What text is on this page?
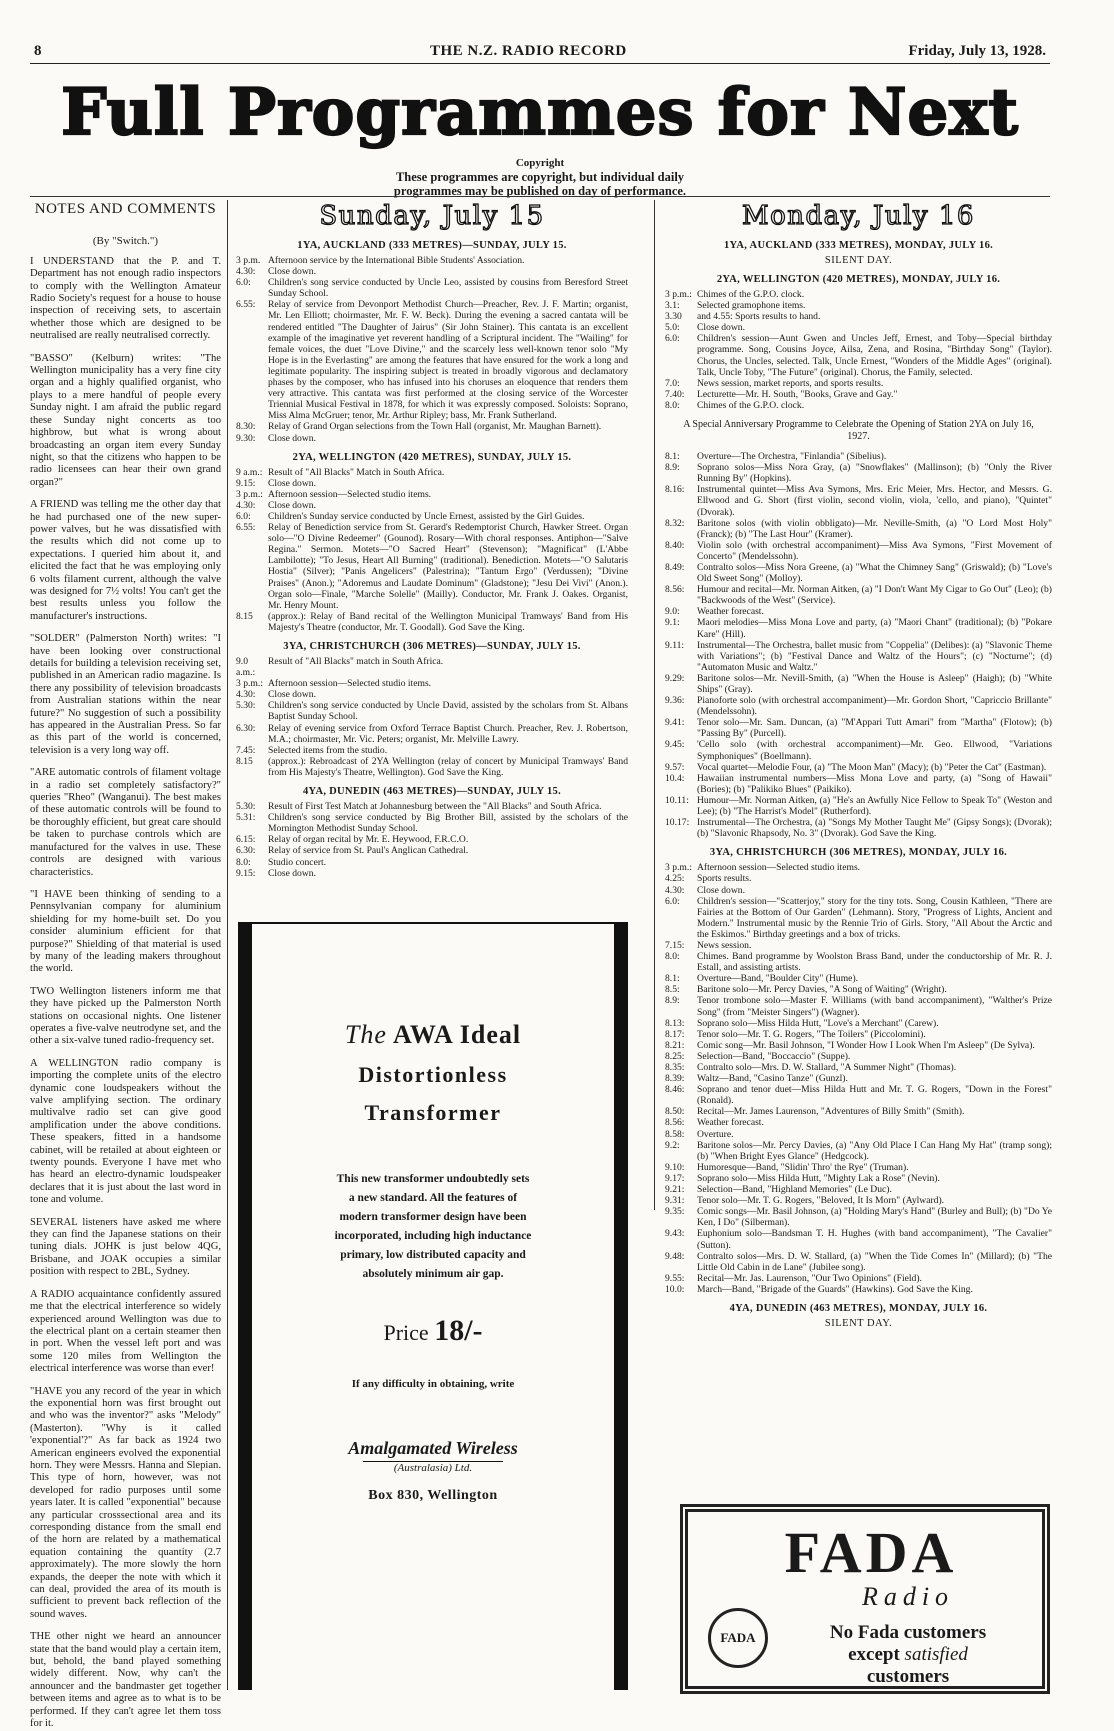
8	THE N.Z. RADIO RECORD	Friday, July 13, 1928.
Full Programmes for Next
Copyright
These programmes are copyright, but individual daily
programmes may be published on day of performance.
NOTES AND COMMENTS
(By "Switch.")

I UNDERSTAND that the P. and T. Department has not enough radio inspectors to comply with the Wellington Amateur Radio Society's request for a house to house inspection of receiving sets, to ascertain whether those which are designed to be neutralised are really neutralised correctly.

"BASSO" (Kelburn) writes: "The Wellington municipality has a very fine city organ and a highly qualified organist, who plays to a mere handful of people every Sunday night. I am afraid the public regard these Sunday night concerts as too highbrow, but what is wrong about broadcasting an organ item every Sunday night, so that the citizens who happen to be radio licensees can hear their own grand organ?"

A FRIEND was telling me the other day that he had purchased one of the new super-power valves, but he was dissatisfied with the results which did not come up to expectations. I queried him about it, and elicited the fact that he was employing only 6 volts filament current, although the valve was designed for 7½ volts! You can't get the best results unless you follow the manufacturer's instructions.

"SOLDER" (Palmerston North) writes: "I have been looking over constructional details for building a television receiving set, published in an American radio magazine. Is there any possibility of television broadcasts from Australian stations within the near future?" No suggestion of such a possibility has appeared in the Australian Press. So far as this part of the world is concerned, television is a very long way off.

"ARE automatic controls of filament voltage in a radio set completely satisfactory?" queries "Rheo" (Wanganui). The best makes of these automatic controls will be found to be thoroughly efficient, but great care should be taken to purchase controls which are manufactured for the valves in use. These controls are designed with various characteristics.

"I HAVE been thinking of sending to a Pennsylvanian company for aluminium shielding for my home-built set. Do you consider aluminium efficient for that purpose?" Shielding of that material is used by many of the leading makers throughout the world.

TWO Wellington listeners inform me that they have picked up the Palmerston North stations on occasional nights. One listener operates a five-valve neutrodyne set, and the other a six-valve tuned radio-frequency set.

A WELLINGTON radio company is importing the complete units of the electro dynamic cone loudspeakers without the valve amplifying section. The ordinary multivalve radio set can give good amplification under the above conditions. These speakers, fitted in a handsome cabinet, will be retailed at about eighteen or twenty pounds. Everyone I have met who has heard an electro-dynamic loudspeaker declares that it is just about the last word in tone and volume.

SEVERAL listeners have asked me where they can find the Japanese stations on their tuning dials. JOHK is just below 4QG, Brisbane, and JOAK occupies a similar position with respect to 2BL, Sydney.

A RADIO acquaintance confidently assured me that the electrical interference so widely experienced around Wellington was due to the electrical plant on a certain steamer then in port. When the vessel left port and was some 120 miles from Wellington the electrical interference was worse than ever!

"HAVE you any record of the year in which the exponential horn was first brought out and who was the inventor?" asks "Melody" (Masterton). "Why is it called 'exponential'?" As far back as 1924 two American engineers evolved the exponential horn. They were Messrs. Hanna and Slepian. This type of horn, however, was not developed for radio purposes until some years later. It is called "exponential" because any particular crosssectional area and its corresponding distance from the small end of the horn are related by a mathematical equation containing the quantity (2.7 approximately). The more slowly the horn expands, the deeper the note with which it can deal, provided the area of its mouth is sufficient to prevent back reflection of the sound waves.

THE other night we heard an announcer state that the band would play a certain item, but, behold, the band played something widely different. Now, why can't the announcer and the bandmaster get together between items and agree as to what is to be performed. If they can't agree let them toss for it.

Sunday, July 15
1YA, AUCKLAND (333 METRES)—SUNDAY, JULY 15.
3 p.m. Afternoon service by the International Bible Students' Association.
4.30:	Close down.
6.0:	Children's song service conducted by Uncle Leo, assisted by cousins from Beresford Street Sunday School.
6.55:	Relay of service from Devonport Methodist Church—Preacher, Rev. J. F. Martin; organist, Mr. Len Elliott; choirmaster, Mr. F. W. Beck). During the evening a sacred cantata will be rendered entitled "The Daughter of Jairus" (Sir John Stainer). This cantata is an excellent example of the imaginative yet reverent handling of a Scriptural incident. The "Wailing" for female voices, the duet "Love Divine," and the scarcely less well-known tenor solo "My Hope is in the Everlasting" are among the features that have ensured for the work a long and legitimate popularity. The inspiring subject is treated in broadly vigorous and declamatory phases by the composer, who has infused into his choruses an eloquence that renders them very attractive. This cantata was first performed at the closing service of the Worcester Triennial Musical Festival in 1878, for which it was expressly composed. Soloists: Soprano, Miss Alma McGruer; tenor, Mr. Arthur Ripley; bass, Mr. Frank Sutherland.
8.30:	Relay of Grand Organ selections from the Town Hall (organist, Mr. Maughan Barnett).
9.30:	Close down.
2YA, WELLINGTON (420 METRES), SUNDAY, JULY 15.
9 a.m.: Result of "All Blacks" Match in South Africa.
9.15:	Close down.
3 p.m.: Afternoon session—Selected studio items.
4.30:	Close down.
6.0:	Children's Sunday service conducted by Uncle Ernest, assisted by the Girl Guides.
6.55:	Relay of Benediction service from St. Gerard's Redemptorist Church, Hawker Street. Organ solo—"O Divine Redeemer" (Gounod). Rosary—With choral responses. Antiphon—"Salve Regina." Sermon. Motets—"O Sacred Heart" (Stevenson); "Magnificat" (L'Abbe Lambilotte); "To Jesus, Heart All Burning" (traditional). Benediction. Motets—"O Salutaris Hostia" (Silver); "Panis Angelicers" (Palestrina); "Tantum Ergo" (Verdussen); "Divine Praises" (Anon.); "Adoremus and Laudate Dominum" (Gladstone); "Jesu Dei Vivi" (Anon.). Organ solo—Finale, "Marche Solelle" (Mailly). Conductor, Mr. Frank J. Oakes. Organist, Mr. Henry Mount.
8.15	(approx.): Relay of Band recital of the Wellington Municipal Tramways' Band from His Majesty's Theatre (conductor, Mr. T. Goodall). God Save the King.
3YA, CHRISTCHURCH (306 METRES)—SUNDAY, JULY 15.
9.0 a.m.:
Result of "All Blacks" match in South Africa.
3 p.m.: Afternoon session—Selected studio items.
4.30:	Close down.
5.30:	Children's song service conducted by Uncle David, assisted by the scholars from St. Albans Baptist Sunday School.
6.30:	Relay of evening service from Oxford Terrace Baptist Church. Preacher, Rev. J. Robertson, M.A.; choirmaster, Mr. Vic. Peters; organist, Mr. Melville Lawry.
7.45:	Selected items from the studio.
8.15	(approx.): Rebroadcast of 2YA Wellington (relay of concert by Municipal Tramways' Band from His Majesty's Theatre, Wellington). God Save the King.
4YA, DUNEDIN (463 METRES)—SUNDAY, JULY 15.
5.30:	Result of First Test Match at Johannesburg between the "All Blacks" and South Africa.
5.31:	Children's song service conducted by Big Brother Bill, assisted by the scholars of the Mornington Methodist Sunday School.
6.15:	Relay of organ recital by Mr. E. Heywood, F.R.C.O.
6.30:	Relay of service from St. Paul's Anglican Cathedral.
8.0:	Studio concert.
9.15:	Close down.
Monday, July 16
1YA, AUCKLAND (333 METRES), MONDAY, JULY 16.
SILENT DAY.
2YA, WELLINGTON (420 METRES), MONDAY, JULY 16.
3 p.m.: Chimes of the G.P.O. clock.
3.1:	Selected gramophone items.
3.30	and 4.55: Sports results to hand.
5.0:	Close down.
6.0:	Children's session—Aunt Gwen and Uncles Jeff, Ernest, and Toby—Special birthday programme. Song, Cousins Joyce, Ailsa, Zena, and Rosina, "Birthday Song" (Taylor). Chorus, the Uncles, selected. Talk, Uncle Ernest, "Wonders of the Middle Ages" (original). Talk, Uncle Toby, "The Future" (original). Chorus, the Family, selected.
7.0:	News session, market reports, and sports results.
7.40:	Lecturette—Mr. H. South, "Books, Grave and Gay."
8.0:	Chimes of the G.P.O. clock.
A Special Anniversary Programme to Celebrate the Opening of Station 2YA on July 16, 1927.
8.1:	Overture—The Orchestra, "Finlandia" (Sibelius).
8.9:	Soprano solos—Miss Nora Gray, (a) "Snowflakes" (Mallinson); (b) "Only the River Running By" (Hopkins).
8.16:	Instrumental quintet—Miss Ava Symons, Mrs. Eric Meier, Mrs. Hector, and Messrs. G. Ellwood and G. Short (first violin, second violin, viola, 'cello, and piano), "Quintet" (Dvorak).
8.32:	Baritone solos (with violin obbligato)—Mr. Neville-Smith, (a) "O Lord Most Holy" (Franck); (b) "The Last Hour" (Kramer).
8.40:	Violin solo (with orchestral accompaniment)—Miss Ava Symons, "First Movement of Concerto" (Mendelssohn).
8.49:	Contralto solos—Miss Nora Greene, (a) "What the Chimney Sang" (Griswald); (b) "Love's Old Sweet Song" (Molloy).
8.56:	Humour and recital—Mr. Norman Aitken, (a) "I Don't Want My Cigar to Go Out" (Leo); (b) "Backwoods of the West" (Service).
9.0:	Weather forecast.
9.1:	Maori melodies—Miss Mona Love and party, (a) "Maori Chant" (traditional); (b) "Pokare Kare" (Hill).
9.11:	Instrumental—The Orchestra, ballet music from "Coppelia" (Delibes): (a) "Slavonic Theme with Variations"; (b) "Festival Dance and Waltz of the Hours"; (c) "Nocturne"; (d) "Automaton Music and Waltz."
9.29:	Baritone solos—Mr. Nevill-Smith, (a) "When the House is Asleep" (Haigh); (b) "White Ships" (Gray).
9.36:	Pianoforte solo (with orchestral accompaniment)—Mr. Gordon Short, "Capriccio Brillante" (Mendelssohn).
9.41:	Tenor solo—Mr. Sam. Duncan, (a) "M'Appari Tutt Amari" from "Martha" (Flotow); (b) "Passing By" (Purcell).
9.45:	'Cello solo (with orchestral accompaniment)—Mr. Geo. Ellwood, "Variations Symphoniques" (Boellmann).
9.57:	Vocal quartet—Melodie Four, (a) "The Moon Man" (Macy); (b) "Peter the Cat" (Eastman).
10.4:	Hawaiian instrumental numbers—Miss Mona Love and party, (a) "Song of Hawaii" (Bories); (b) "Palikiko Blues" (Paikiko).
10.11: Humour—Mr. Norman Aitken, (a) "He's an Awfully Nice Fellow to Speak To" (Weston and Lee); (b) "The Harrist's Model" (Rutherford).
10.17: Instrumental—The Orchestra, (a) "Songs My Mother Taught Me" (Gipsy Songs); (Dvorak); (b) "Slavonic Rhapsody, No. 3" (Dvorak). God Save the King.
3YA, CHRISTCHURCH (306 METRES), MONDAY, JULY 16.
3 p.m.: Afternoon session—Selected studio items.
4.25:	Sports results.
4.30:	Close down.
6.0:	Children's session—"Scatterjoy," story for the tiny tots. Song, Cousin Kathleen, "There are Fairies at the Bottom of Our Garden" (Lehmann). Story, "Progress of Lights, Ancient and Modern." Instrumental music by the Rennie Trio of Girls. Story, "All About the Arctic and the Eskimos." Birthday greetings and a box of tricks.
7.15:	News session.
8.0:	Chimes. Band programme by Woolston Brass Band, under the conductorship of Mr. R. J. Estall, and assisting artists.
8.1:	Overture—Band, "Boulder City" (Hume).
8.5:	Baritone solo—Mr. Percy Davies, "A Song of Waiting" (Wright).
8.9:	Tenor trombone solo—Master F. Williams (with band accompaniment), "Walther's Prize Song" (from "Meister Singers") (Wagner).
8.13:	Soprano solo—Miss Hilda Hutt, "Love's a Merchant" (Carew).
8.17:	Tenor solo—Mr. T. G. Rogers, "The Toilers" (Piccolomini).
8.21:	Comic song—Mr. Basil Johnson, "I Wonder How I Look When I'm Asleep" (De Sylva).
8.25:	Selection—Band, "Boccaccio" (Suppe).
8.35:	Contralto solo—Mrs. D. W. Stallard, "A Summer Night" (Thomas).
8.39:	Waltz—Band, "Casino Tanze" (Gunzl).
8.46:	Soprano and tenor duet—Miss Hilda Hutt and Mr. T. G. Rogers, "Down in the Forest" (Ronald).
8.50:	Recital—Mr. James Laurenson, "Adventures of Billy Smith" (Smith).
8.56:	Weather forecast.
8.58:	Overture.
9.2:	Baritone solos—Mr. Percy Davies, (a) "Any Old Place I Can Hang My Hat" (tramp song); (b) "When Bright Eyes Glance" (Hedgcock).
9.10:	Humoresque—Band, "Slidin' Thro' the Rye" (Truman).
9.17:	Soprano solo—Miss Hilda Hutt, "Mighty Lak a Rose" (Nevin).
9.21:	Selection—Band, "Highland Memories" (Le Duc).
9.31:	Tenor solo—Mr. T. G. Rogers, "Beloved, It Is Morn" (Aylward).
9.35:	Comic songs—Mr. Basil Johnson, (a) "Holding Mary's Hand" (Burley and Bull); (b) "Do Ye Ken, I Do" (Silberman).
9.43:	Euphonium solo—Bandsman T. H. Hughes (with band accompaniment), "The Cavalier" (Sutton).
9.48:	Contralto solos—Mrs. D. W. Stallard, (a) "When the Tide Comes In" (Millard); (b) "The Little Old Cabin in de Lane" (Jubilee song).
9.55:	Recital—Mr. Jas. Laurenson, "Our Two Opinions" (Field).
10.0:	March—Band, "Brigade of the Guards" (Hawkins). God Save the King.
4YA, DUNEDIN (463 METRES), MONDAY, JULY 16.
SILENT DAY.
The AWA Ideal
Distortionless
Transformer
This new transformer undoubtedly sets a new standard. All the features of modern transformer design have been incorporated, including high inductance primary, low distributed capacity and absolutely minimum air gap.
Price 18/-
If any difficulty in obtaining, write
Amalgamated Wireless
(Australasia) Ltd.
Box 830, Wellington
FADA
Radio
FADA	No Fada customers
except satisfied
customers
